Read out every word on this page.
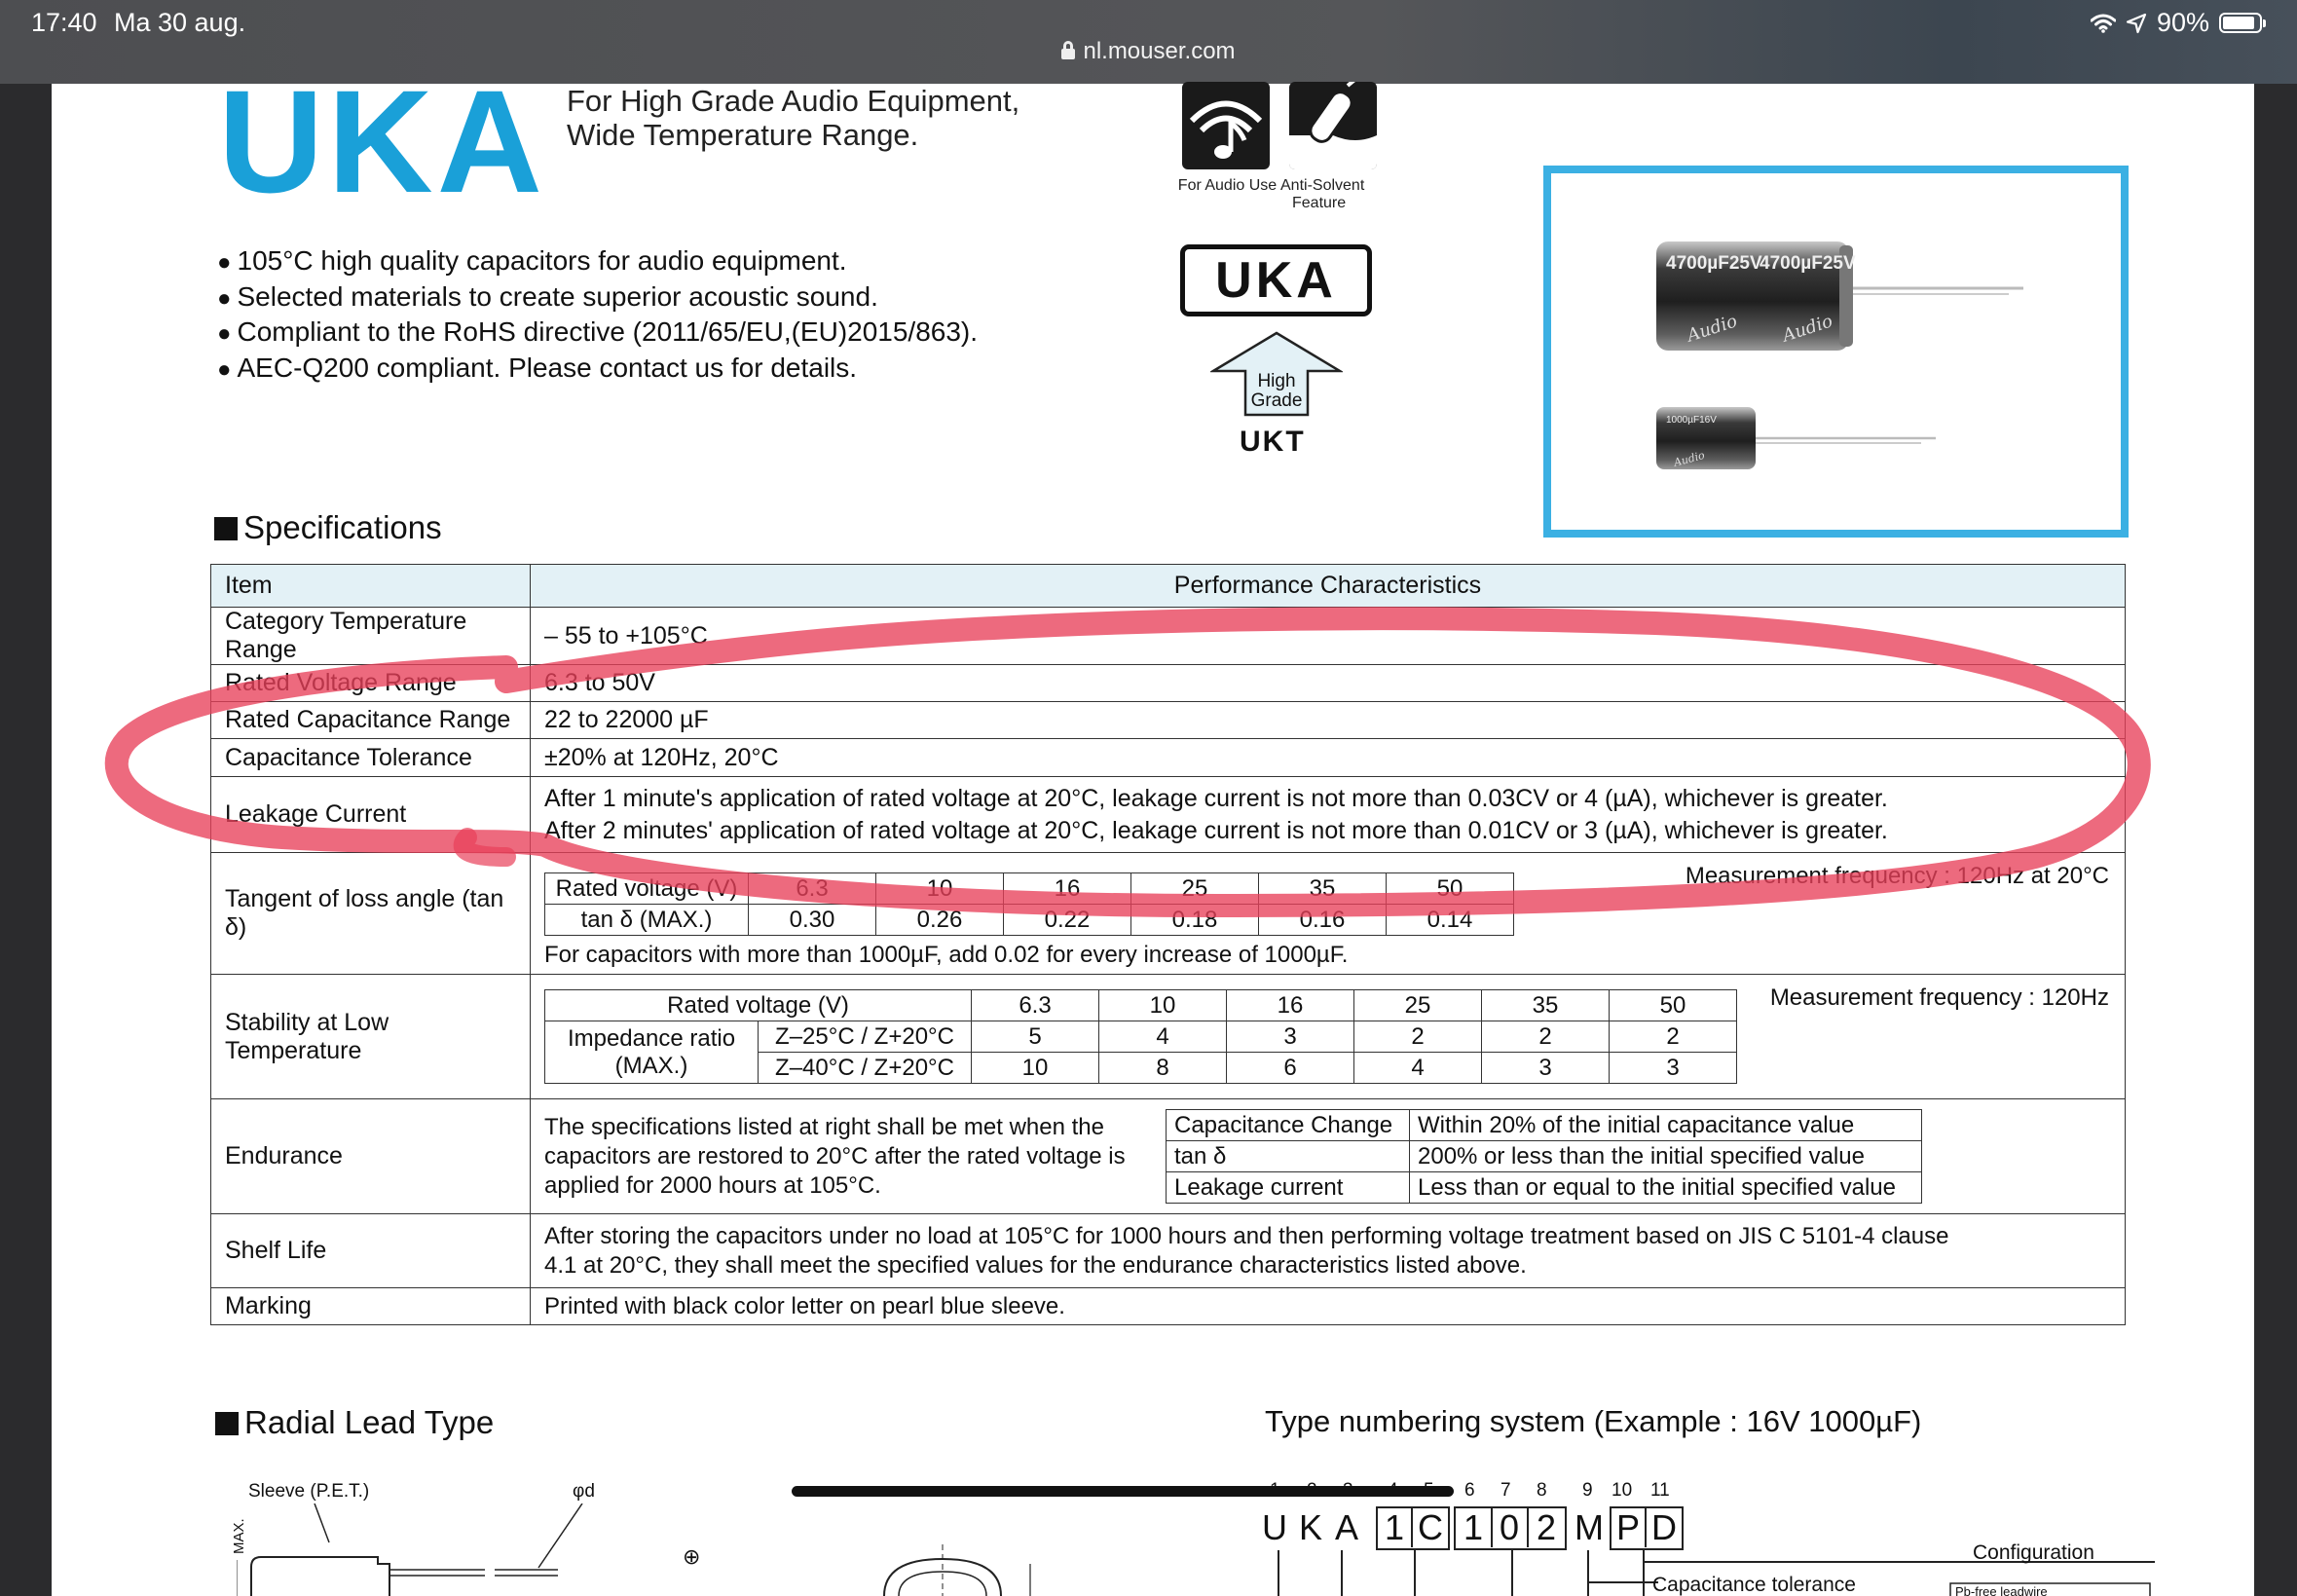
17:40 Ma 30 aug.
nl.mouser.com
90%
UKA For High Grade Audio Equipment,
Wide Temperature Range.
● 105°C high quality capacitors for audio equipment.
● Selected materials to create superior acoustic sound.
● Compliant to the RoHS directive (2011/65/EU,(EU)2015/863).
● AEC-Q200 compliant. Please contact us for details.
For Audio Use Anti-Solvent
Feature
UKA
High Grade
UKT
4700µF25V
4700µF25V
Audio Audio
1000µF16V
Audio
Specifications
Item	Performance Characteristics
Category Temperature Range	– 55 to +105°C
Rated Voltage Range	6.3 to 50V
Rated Capacitance Range	22 to 22000 µF
Capacitance Tolerance	±20% at 120Hz, 20°C
Leakage Current	
After 1 minute's application of rated voltage at 20°C, leakage current is not more than 0.03CV or 4 (µA), whichever is greater.
After 2 minutes' application of rated voltage at 20°C, leakage current is not more than 0.01CV or 3 (µA), whichever is greater.

Tangent of loss angle (tan δ)	
Measurement frequency : 120Hz at 20°C
Rated voltage (V)	6.3	10	16	25	35	50
tan δ (MAX.)	0.30	0.26	0.22	0.18	0.16	0.14
For capacitors with more than 1000µF, add 0.02 for every increase of 1000µF.

Stability at Low Temperature	
Measurement frequency : 120Hz
Rated voltage (V)	6.3	10	16	25	35	50

Impedance ratio
(MAX.)
	Z–25°C / Z+20°C	5	4	3	2	2	2
Z–40°C / Z+20°C	10	8	6	4	3	3

Endurance	
The specifications listed at right shall be met when the
capacitors are restored to 20°C after the rated voltage is
applied for 2000 hours at 105°C.
Capacitance Change	Within 20% of the initial capacitance value
tan δ	200% or less than the initial specified value
Leakage current	Less than or equal to the initial specified value

Shelf Life	
After storing the capacitors under no load at 105°C for 1000 hours and then performing voltage treatment based on JIS C 5101-4 clause
4.1 at 20°C, they shall meet the specified values for the endurance characteristics listed above.

Marking	Printed with black color letter on pearl blue sleeve.
Radial Lead Type
Sleeve (P.E.T.)	φd
MAX.
⊕
Type numbering system (Example : 16V 1000µF)
6 7 8 9 10 11
U K A 1 C 1 0 2 M P D
Configuration
Capacitance tolerance	Pb-free leadwire
